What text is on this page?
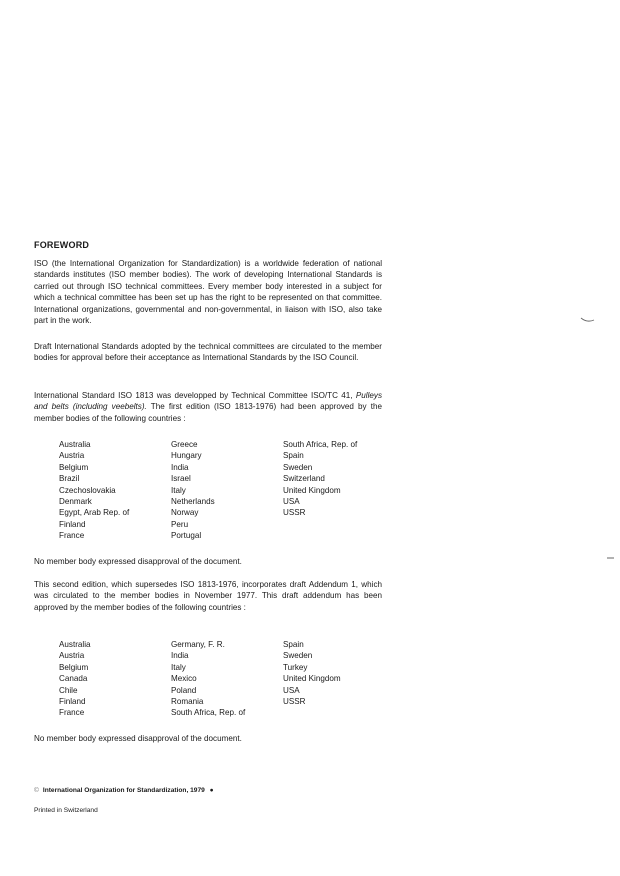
FOREWORD
ISO (the International Organization for Standardization) is a worldwide federation of national standards institutes (ISO member bodies). The work of developing International Standards is carried out through ISO technical committees. Every member body interested in a subject for which a technical committee has been set up has the right to be represented on that committee. International organizations, governmental and non-governmental, in liaison with ISO, also take part in the work.
Draft International Standards adopted by the technical committees are circulated to the member bodies for approval before their acceptance as International Standards by the ISO Council.
International Standard ISO 1813 was developped by Technical Committee ISO/TC 41, Pulleys and belts (including veebelts). The first edition (ISO 1813-1976) had been approved by the member bodies of the following countries :
Australia
Austria
Belgium
Brazil
Czechoslovakia
Denmark
Egypt, Arab Rep. of
Finland
France
Greece
Hungary
India
Israel
Italy
Netherlands
Norway
Peru
Portugal
South Africa, Rep. of
Spain
Sweden
Switzerland
United Kingdom
USA
USSR
No member body expressed disapproval of the document.
This second edition, which supersedes ISO 1813-1976, incorporates draft Addendum 1, which was circulated to the member bodies in November 1977. This draft addendum has been approved by the member bodies of the following countries :
Australia
Austria
Belgium
Canada
Chile
Finland
France
Germany, F. R.
India
Italy
Mexico
Poland
Romania
South Africa, Rep. of
Spain
Sweden
Turkey
United Kingdom
USA
USSR
No member body expressed disapproval of the document.
© International Organization for Standardization, 1979 ●
Printed in Switzerland
